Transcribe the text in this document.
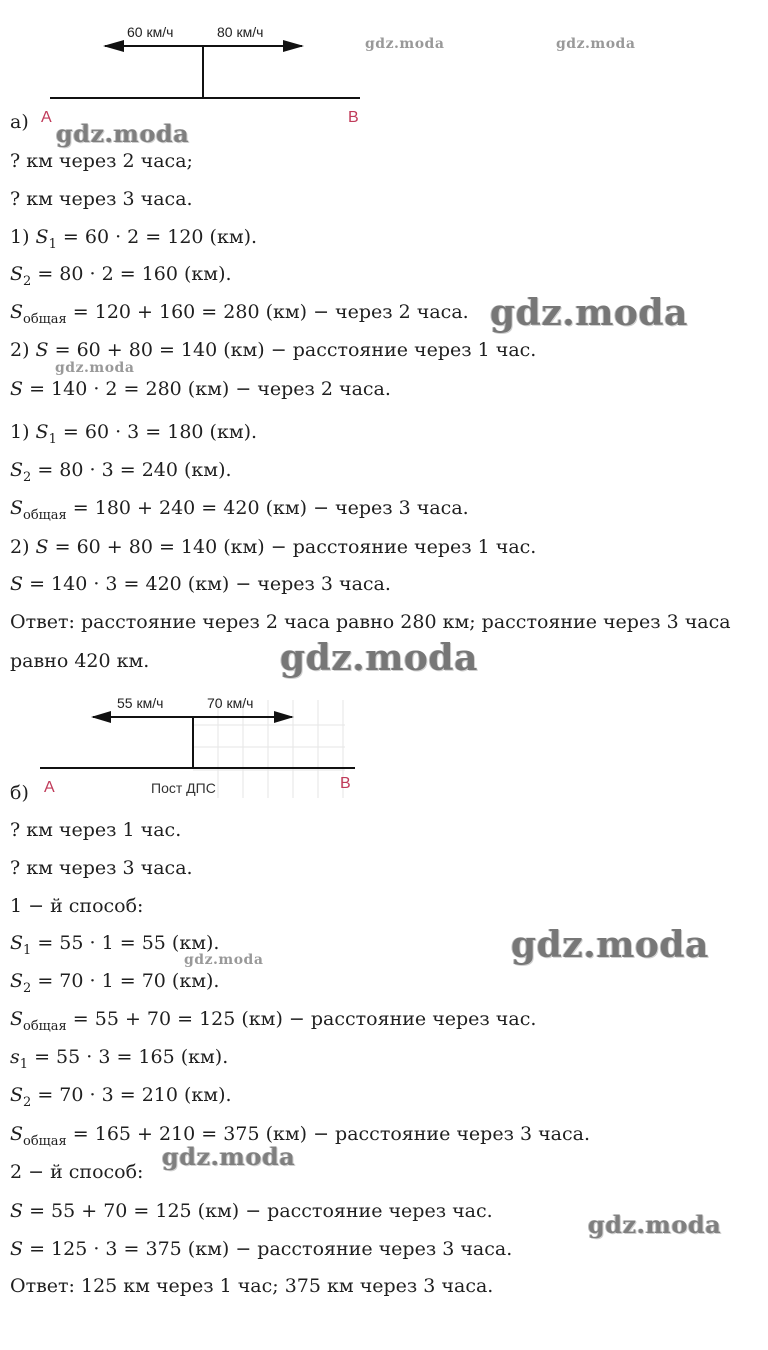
60 км/ч	80 км/ч
A	B
а)
? км через 2 часа;
? км через 3 часа.
1) $S_1 = 60 \cdot 2 = 120$ (км).
$S_2 = 80 \cdot 2 = 160$ (км).
$S_{общая} = 120 + 160 = 280$ (км) − через 2 часа.
2) S = 60 + 80 = 140 (км) − расстояние через 1 час.
S = 140 · 2 = 280 (км) − через 2 часа.
1) $S_1 = 60 \cdot 3 = 180$ (км).
$S_2 = 80 \cdot 3 = 240$ (км).
$S_{общая} = 180 + 240 = 420$ (км) − через 3 часа.
2) S = 60 + 80 = 140 (км) − расстояние через 1 час.
S = 140 · 3 = 420 (км) − через 3 часа.
Ответ: расстояние через 2 часа равно 280 км; расстояние через 3 часа
равно 420 км.
55 км/ч	70 км/ч
Пост ДПС
A	B
б)
? км через 1 час.
? км через 3 часа.
1 − й способ:
$S_1 = 55 \cdot 1 = 55$ (км).
$S_2 = 70 \cdot 1 = 70$ (км).
$S_{общая} = 55 + 70 = 125$ (км) − расстояние через час.
$s_1 = 55 \cdot 3 = 165$ (км).
$S_2 = 70 \cdot 3 = 210$ (км).
$S_{общая} = 165 + 210 = 375$ (км) − расстояние через 3 часа.
2 − й способ:
S = 55 + 70 = 125 (км) − расстояние через час.
S = 125 · 3 = 375 (км) − расстояние через 3 часа.
Ответ: 125 км через 1 час; 375 км через 3 часа.
gdz.moda	gdz.moda
gdz.moda
gdz.moda
gdz.moda
gdz.moda
gdz.moda
gdz.moda
gdz.moda
gdz.moda
